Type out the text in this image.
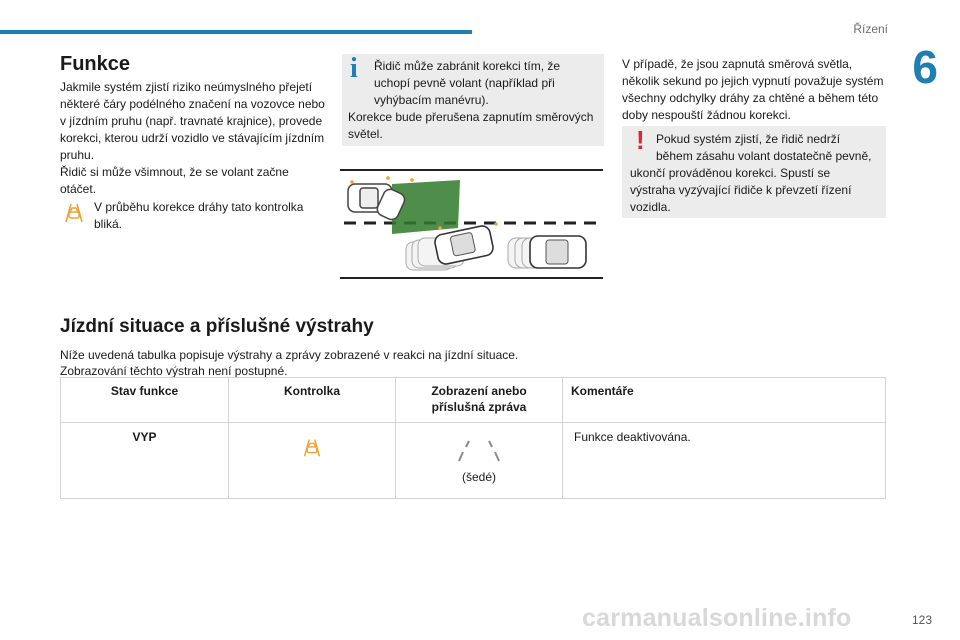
Řízení
6
Funkce

Jakmile systém zjistí riziko neúmyslného přejetí některé čáry podélného značení na vozovce nebo v jízdním pruhu (např. travnaté krajnice), provede korekci, kterou udrží vozidlo ve stávajícím jízdním pruhu.

Řidič si může všimnout, že se volant začne otáčet.

V průběhu korekce dráhy tato kontrolka bliká.
i	Řidič může zabránit korekci tím, že uchopí pevně volant (například při vyhýbacím manévru).
Korekce bude přerušena zapnutím směrových světel.

V případě, že jsou zapnutá směrová světla, několik sekund po jejich vypnutí považuje systém všechny odchylky dráhy za chtěné a během této doby nespouští žádnou korekci.

! Pokud systém zjistí, že řidič nedrží během zásahu volant dostatečně pevně,
ukončí prováděnou korekci. Spustí se výstraha vyzývající řidiče k převzetí řízení vozidla.
Jízdní situace a příslušné výstrahy

Níže uvedená tabulka popisuje výstrahy a zprávy zobrazené v reakci na jízdní situace.

Zobrazování těchto výstrah není postupné.

Stav funkce	Kontrolka	Zobrazení anebo
příslušná zpráva	Komentáře
VYP		(šedé)	Funkce deaktivována.
carmanualsonline.info	123
